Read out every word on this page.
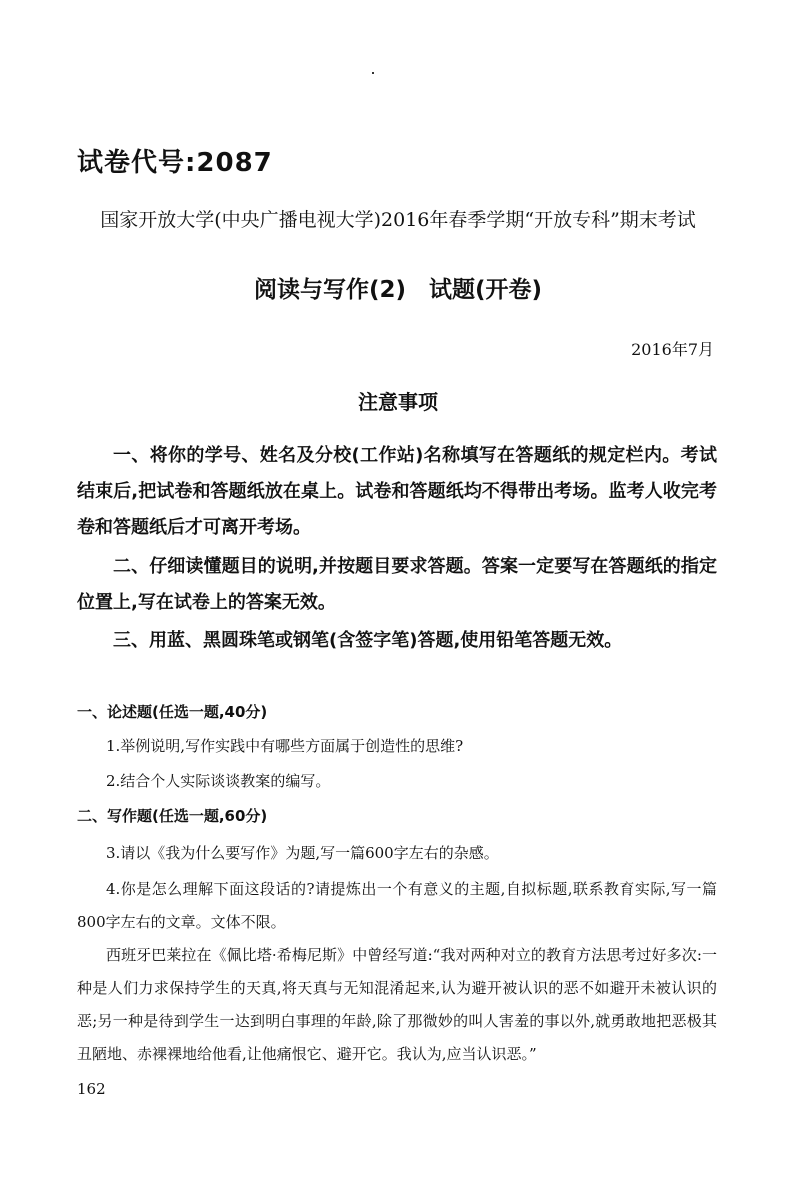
试卷代号:2087
国家开放大学(中央广播电视大学)2016年春季学期“开放专科”期末考试
阅读与写作(2)　试题(开卷)
2016年7月
注意事项
一、将你的学号、姓名及分校(工作站)名称填写在答题纸的规定栏内。考试结束后,把试卷和答题纸放在桌上。试卷和答题纸均不得带出考场。监考人收完考卷和答题纸后才可离开考场。
二、仔细读懂题目的说明,并按题目要求答题。答案一定要写在答题纸的指定位置上,写在试卷上的答案无效。
三、用蓝、黑圆珠笔或钢笔(含签字笔)答题,使用铅笔答题无效。
一、论述题(任选一题,40分)
1.举例说明,写作实践中有哪些方面属于创造性的思维?
2.结合个人实际谈谈教案的编写。
二、写作题(任选一题,60分)
3.请以《我为什么要写作》为题,写一篇600字左右的杂感。
4.你是怎么理解下面这段话的?请提炼出一个有意义的主题,自拟标题,联系教育实际,写一篇800字左右的文章。文体不限。
西班牙巴莱拉在《佩比塔·希梅尼斯》中曾经写道:“我对两种对立的教育方法思考过好多次:一种是人们力求保持学生的天真,将天真与无知混淆起来,认为避开被认识的恶不如避开未被认识的恶;另一种是待到学生一达到明白事理的年龄,除了那微妙的叫人害羞的事以外,就勇敢地把恶极其丑陋地、赤裸裸地给他看,让他痛恨它、避开它。我认为,应当认识恶。”
162
